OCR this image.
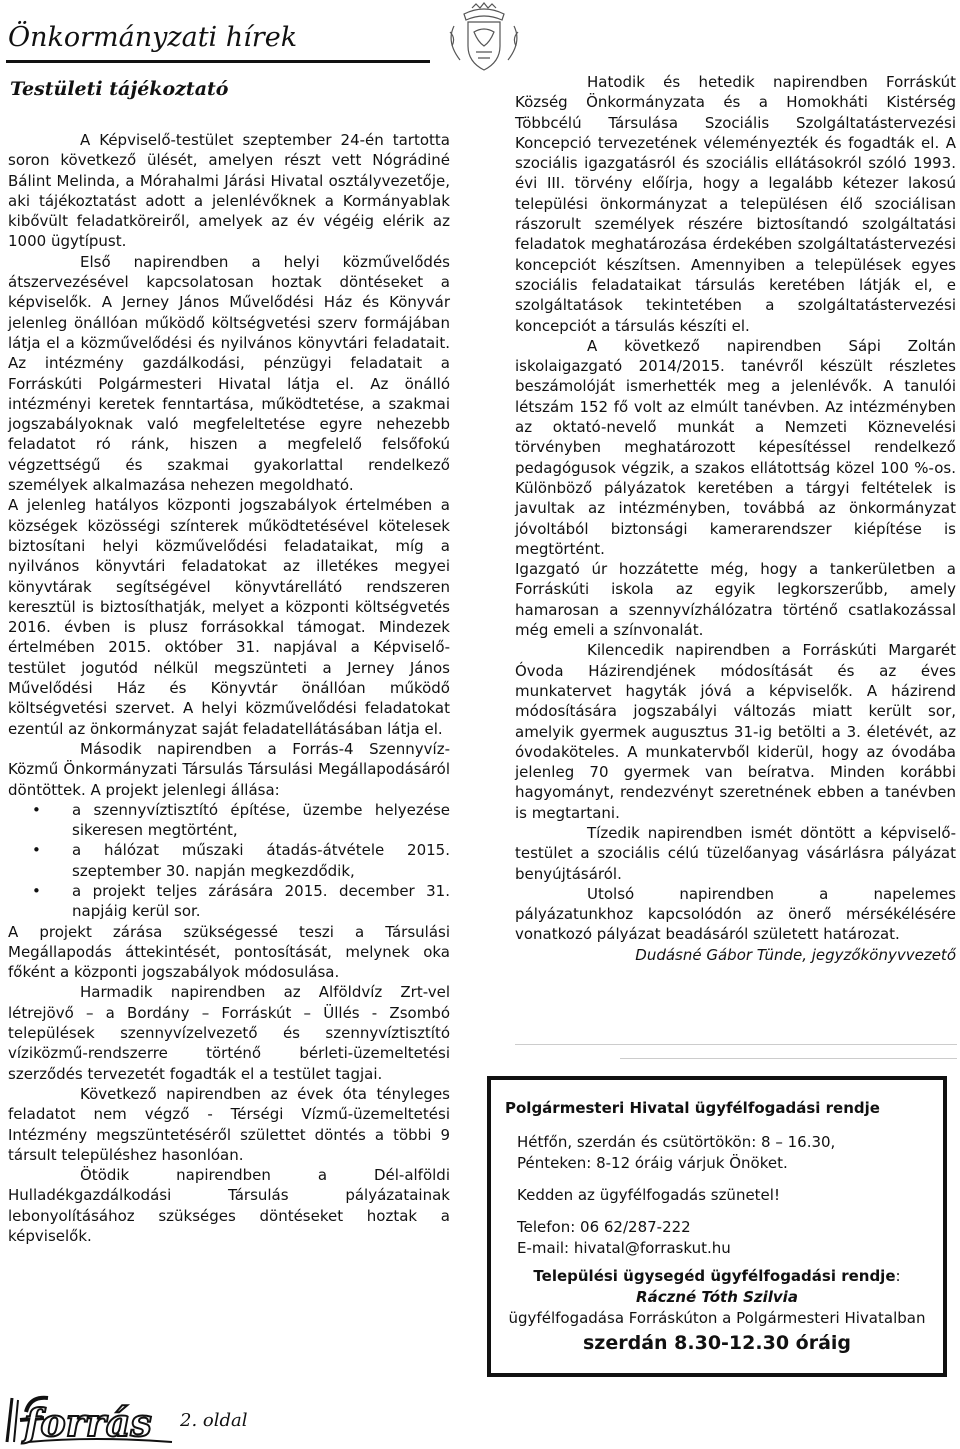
Önkormányzati hírek
Testületi tájékoztató

A Képviselő-testület szeptember 24-én tartotta soron következő ülését, amelyen részt vett Nógrádiné Bálint Melinda, a Mórahalmi Járási Hivatal osztályvezetője, aki tájékoztatást adott a jelenlévőknek a Kormányablak kibővült feladatköreiről, amelyek az év végéig elérik az 1000 ügytípust.

Első napirendben a helyi közművelődés átszervezésével kapcsolatosan hoztak döntéseket a képviselők. A Jerney János Művelődési Ház és Könyvár jelenleg önállóan működő költségvetési szerv formájában látja el a közművelődési és nyilvános könyvtári feladatait. Az intézmény gazdálkodási, pénzügyi feladatait a Forráskúti Polgármesteri Hivatal látja el. Az önálló intézményi keretek fenntartása, működtetése, a szakmai jogszabályoknak való megfeleltetése egyre nehezebb feladatot ró ránk, hiszen a megfelelő felsőfokú végzettségű és szakmai gyakorlattal rendelkező személyek alkalmazása nehezen megoldható.

A jelenleg hatályos központi jogszabályok értelmében a községek közösségi színterek működtetésével kötelesek biztosítani helyi közművelődési feladataikat, míg a nyilvános könyvtári feladatokat az illetékes megyei könyvtárak segítségével könyvtárellátó rendszeren keresztül is biztosíthatják, melyet a központi költségvetés 2016. évben is plusz forrásokkal támogat. Mindezek értelmében 2015. október 31. napjával a Képviselő-testület jogutód nélkül megszünteti a Jerney János Művelődési Ház és Könyvtár önállóan működő költségvetési szervet. A helyi közművelődési feladatokat ezentúl az önkormányzat saját feladatellátásában látja el.

Második napirendben a Forrás-4 Szennyvíz-Közmű Önkormányzati Társulás Társulási Megállapodásáról döntöttek. A projekt jelenlegi állása:

• a szennyvíztisztító építése, üzembe helyezése sikeresen megtörtént,
• a hálózat műszaki átadás-átvétele 2015. szeptember 30. napján megkezdődik,
• a projekt teljes zárására 2015. december 31. napjáig kerül sor.

A projekt zárása szükségessé teszi a Társulási Megállapodás áttekintését, pontosítását, melynek oka főként a központi jogszabályok módosulása.

Harmadik napirendben az Alföldvíz Zrt-vel létrejövő – a Bordány – Forráskút – Üllés - Zsombó települések szennyvízelvezető és szennyvíztisztító víziközmű-rendszerre történő bérleti-üzemeltetési szerződés tervezetét fogadták el a testület tagjai.

Következő napirendben az évek óta tényleges feladatot nem végző - Térségi Vízmű-üzemeltetési Intézmény megszüntetéséről születtet döntés a többi 9 társult településhez hasonlóan.

Ötödik napirendben a Dél-alföldi Hulladékgazdálkodási Társulás pályázatainak lebonyolításához szükséges döntéseket hoztak a képviselők.

Hatodik és hetedik napirendben Forráskút Község Önkormányzata és a Homokháti Kistérség Többcélú Társulása Szociális Szolgáltatástervezési Koncepció tervezetének véleményezték és fogadták el. A szociális igazgatásról és szociális ellátásokról szóló 1993. évi III. törvény előírja, hogy a legalább kétezer lakosú települési önkormányzat a településen élő szociálisan rászorult személyek részére biztosítandó szolgáltatási feladatok meghatározása érdekében szolgáltatástervezési koncepciót készítsen. Amennyiben a települések egyes szociális feladataikat társulás keretében látják el, e szolgáltatások tekintetében a szolgáltatástervezési koncepciót a társulás készíti el.

A következő napirendben Sápi Zoltán iskolaigazgató 2014/2015. tanévről készült részletes beszámolóját ismerhették meg a jelenlévők. A tanulói létszám 152 fő volt az elmúlt tanévben. Az intézményben az oktató-nevelő munkát a Nemzeti Köznevelési törvényben meghatározott képesítéssel rendelkező pedagógusok végzik, a szakos ellátottság közel 100 %-os. Különböző pályázatok keretében a tárgyi feltételek is javultak az intézményben, továbbá az önkormányzat jóvoltából biztonsági kamerarendszer kiépítése is megtörtént.

Igazgató úr hozzátette még, hogy a tankerületben a Forráskúti iskola az egyik legkorszerűbb, amely hamarosan a szennyvízhálózatra történő csatlakozással még emeli a színvonalát.

Kilencedik napirendben a Forráskúti Margarét Óvoda Házirendjének módosítását és az éves munkatervet hagyták jóvá a képviselők. A házirend módosítására jogszabályi változás miatt került sor, amelyik gyermek augusztus 31-ig betölti a 3. életévét, az óvodaköteles. A munkatervből kiderül, hogy az óvodába jelenleg 70 gyermek van beíratva. Minden korábbi hagyományt, rendezvényt szeretnének ebben a tanévben is megtartani.

Tízedik napirendben ismét döntött a képviselő-testület a szociális célú tüzelőanyag vásárlásra pályázat benyújtásáról.

Utolsó napirendben a napelemes pályázatunkhoz kapcsolódón az önerő mérsékélésére vonatkozó pályázat beadásáról született határozat.

Dudásné Gábor Tünde, jegyzőkönyvvezető

Polgármesteri Hivatal ügyfélfogadási rendje

Hétfőn, szerdán és csütörtökön: 8 – 16.30,

Pénteken: 8-12 óráig várjuk Önöket.

Kedden az ügyfélfogadás szünetel!

Telefon: 06 62/287-222

E-mail: hivatal@forraskut.hu

Települési ügysegéd ügyfélfogadási rendje:

Ráczné Tóth Szilvia

ügyfélfogadása Forráskúton a Polgármesteri Hivatalban

szerdán 8.30-12.30 óráig

forrás 2. oldal
